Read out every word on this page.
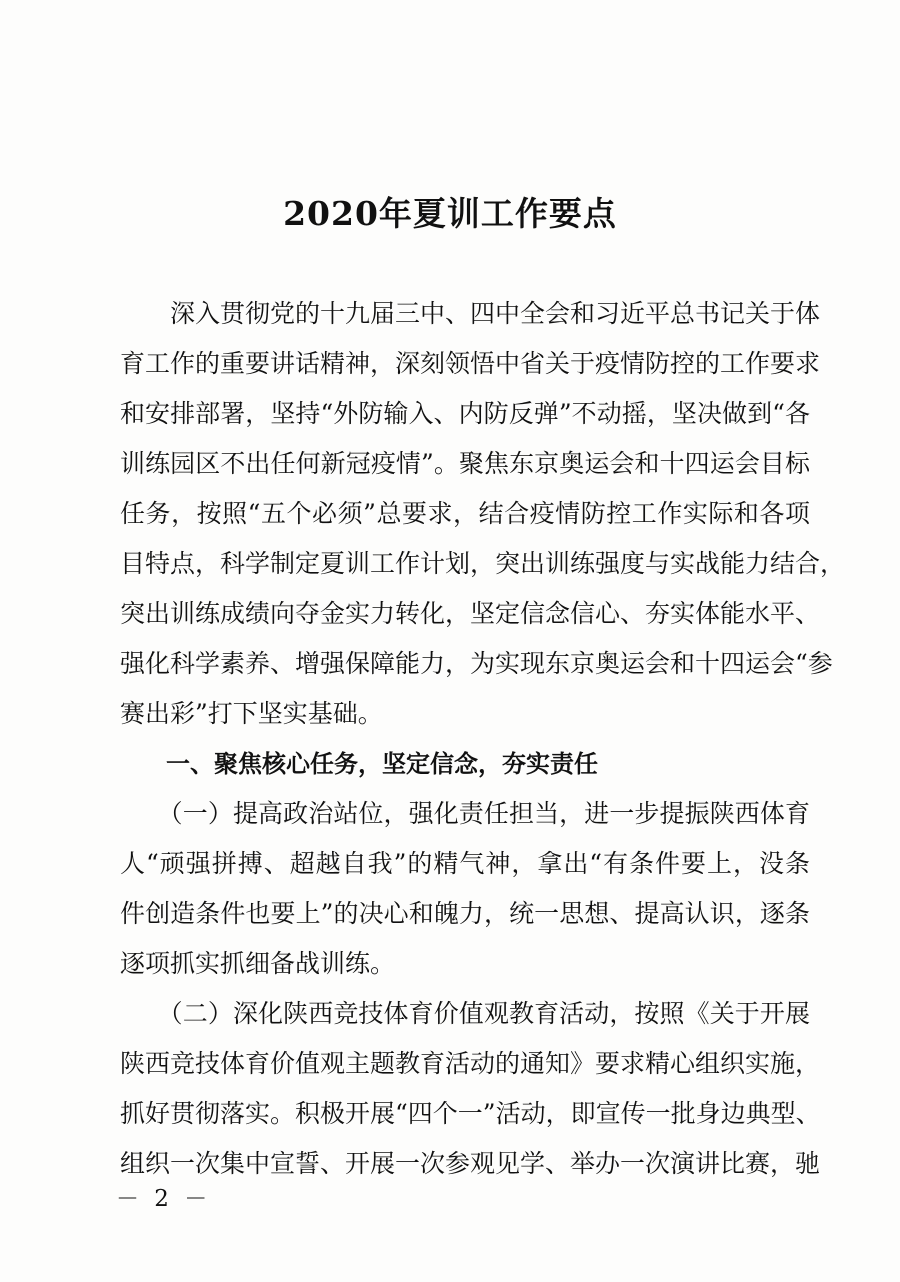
2020年夏训工作要点

　　深入贯彻党的十九届三中、四中全会和习近平总书记关于体

育工作的重要讲话精神，深刻领悟中省关于疫情防控的工作要求

和安排部署，坚持“外防输入、内防反弹”不动摇，坚决做到“各

训练园区不出任何新冠疫情”。聚焦东京奥运会和十四运会目标

任务，按照“五个必须”总要求，结合疫情防控工作实际和各项

目特点，科学制定夏训工作计划，突出训练强度与实战能力结合，

突出训练成绩向夺金实力转化，坚定信念信心、夯实体能水平、

强化科学素养、增强保障能力，为实现东京奥运会和十四运会“参

赛出彩”打下坚实基础。

一、聚焦核心任务，坚定信念，夯实责任

　　（一）提高政治站位，强化责任担当，进一步提振陕西体育

人“顽强拼搏、超越自我”的精气神，拿出“有条件要上，没条

件创造条件也要上”的决心和魄力，统一思想、提高认识，逐条

逐项抓实抓细备战训练。

　　（二）深化陕西竞技体育价值观教育活动，按照《关于开展

陕西竞技体育价值观主题教育活动的通知》要求精心组织实施，

抓好贯彻落实。积极开展“四个一”活动，即宣传一批身边典型、

组织一次集中宣誓、开展一次参观见学、举办一次演讲比赛，驰

－ 2 －
